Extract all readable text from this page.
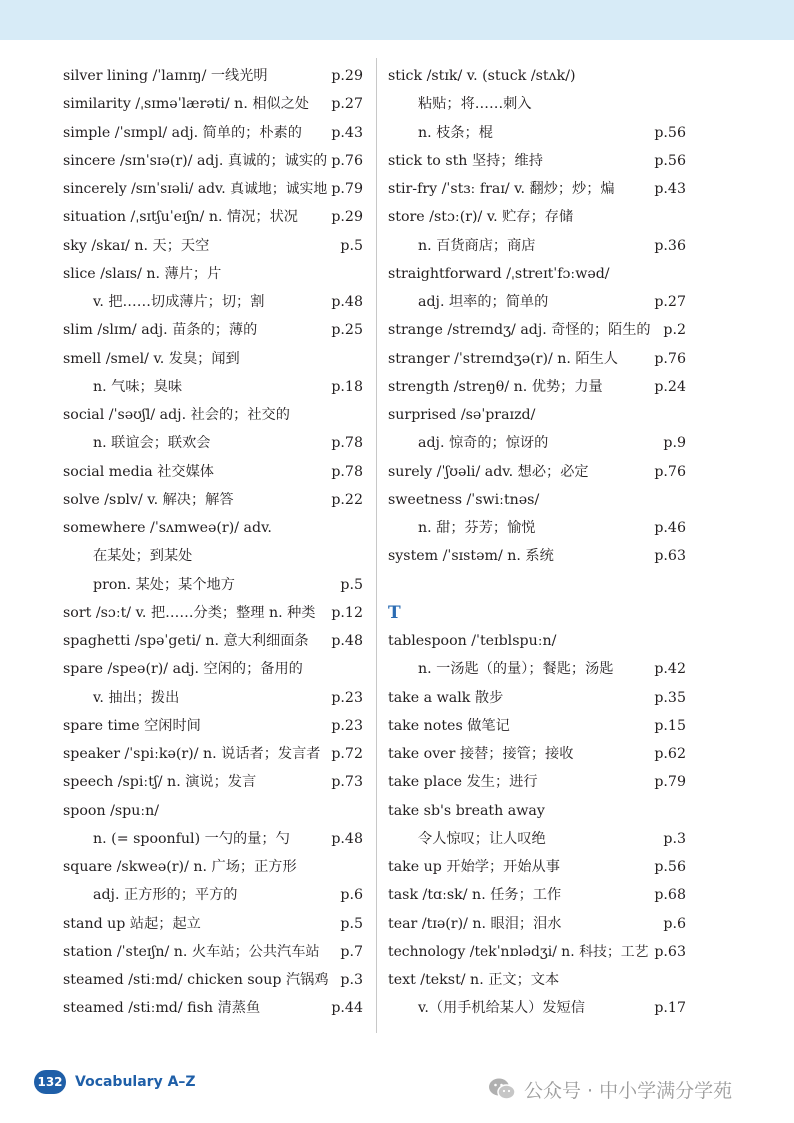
silver lining /ˈlaɪnɪŋ/ 一线光明	p.29
similarity /ˌsɪməˈlærəti/ n. 相似之处 p.27
simple /ˈsɪmpl/ adj. 简单的；朴素的 p.43
sincere /sɪnˈsɪə(r)/ adj. 真诚的；诚实的 p.76
sincerely /sɪnˈsɪəli/ adv. 真诚地；诚实地 p.79
situation /ˌsɪtʃuˈeɪʃn/ n. 情况；状况 p.29
sky /skaɪ/ n. 天；天空	p.5
slice /slaɪs/ n. 薄片；片
v. 把……切成薄片；切；割	p.48
slim /slɪm/ adj. 苗条的；薄的	p.25
smell /smel/ v. 发臭；闻到
n. 气味；臭味	p.18
social /ˈsəʊʃl/ adj. 社会的；社交的
n. 联谊会；联欢会	p.78
social media 社交媒体	p.78
solve /sɒlv/ v. 解决；解答	p.22
somewhere /ˈsʌmweə(r)/ adv.
在某处；到某处
pron. 某处；某个地方	p.5
sort /sɔːt/ v. 把……分类；整理 n. 种类 p.12
spaghetti /spəˈgeti/ n. 意大利细面条 p.48
spare /speə(r)/ adj. 空闲的；备用的
v. 抽出；拨出	p.23
spare time 空闲时间	p.23
speaker /ˈspiːkə(r)/ n. 说话者；发言者 p.72
speech /spiːtʃ/ n. 演说；发言	p.73
spoon /spuːn/
n. (= spoonful) 一勺的量；勺	p.48
square /skweə(r)/ n. 广场；正方形
adj. 正方形的；平方的	p.6
stand up 站起；起立	p.5
station /ˈsteɪʃn/ n. 火车站；公共汽车站 p.7
steamed /stiːmd/ chicken soup 汽锅鸡 p.3
steamed /stiːmd/ fish 清蒸鱼	p.44
stick /stɪk/ v. (stuck /stʌk/)
粘贴；将……刺入
n. 枝条；棍	p.56
stick to sth 坚持；维持	p.56
stir-fry /ˈstɜː fraɪ/ v. 翻炒；炒；煸	p.43
store /stɔː(r)/ v. 贮存；存储
n. 百货商店；商店	p.36
straightforward /ˌstreɪtˈfɔːwəd/
adj. 坦率的；简单的	p.27
strange /streɪndʒ/ adj. 奇怪的；陌生的 p.2
stranger /ˈstreɪndʒə(r)/ n. 陌生人	p.76
strength /streŋθ/ n. 优势；力量	p.24
surprised /səˈpraɪzd/
adj. 惊奇的；惊讶的	p.9
surely /ˈʃʊəli/ adv. 想必；必定	p.76
sweetness /ˈswiːtnəs/
n. 甜；芬芳；愉悦	p.46
system /ˈsɪstəm/ n. 系统	p.63
T
tablespoon /ˈteɪblspuːn/
n. 一汤匙（的量）；餐匙；汤匙	p.42
take a walk 散步	p.35
take notes 做笔记	p.15
take over 接替；接管；接收	p.62
take place 发生；进行	p.79
take sb's breath away
令人惊叹；让人叹绝	p.3
take up 开始学；开始从事	p.56
task /tɑːsk/ n. 任务；工作	p.68
tear /tɪə(r)/ n. 眼泪；泪水	p.6
technology /tekˈnɒlədʒi/ n. 科技；工艺 p.63
text /tekst/ n. 正文；文本
v.（用手机给某人）发短信	p.17
132 Vocabulary A–Z	公众号 · 中小学满分学苑
